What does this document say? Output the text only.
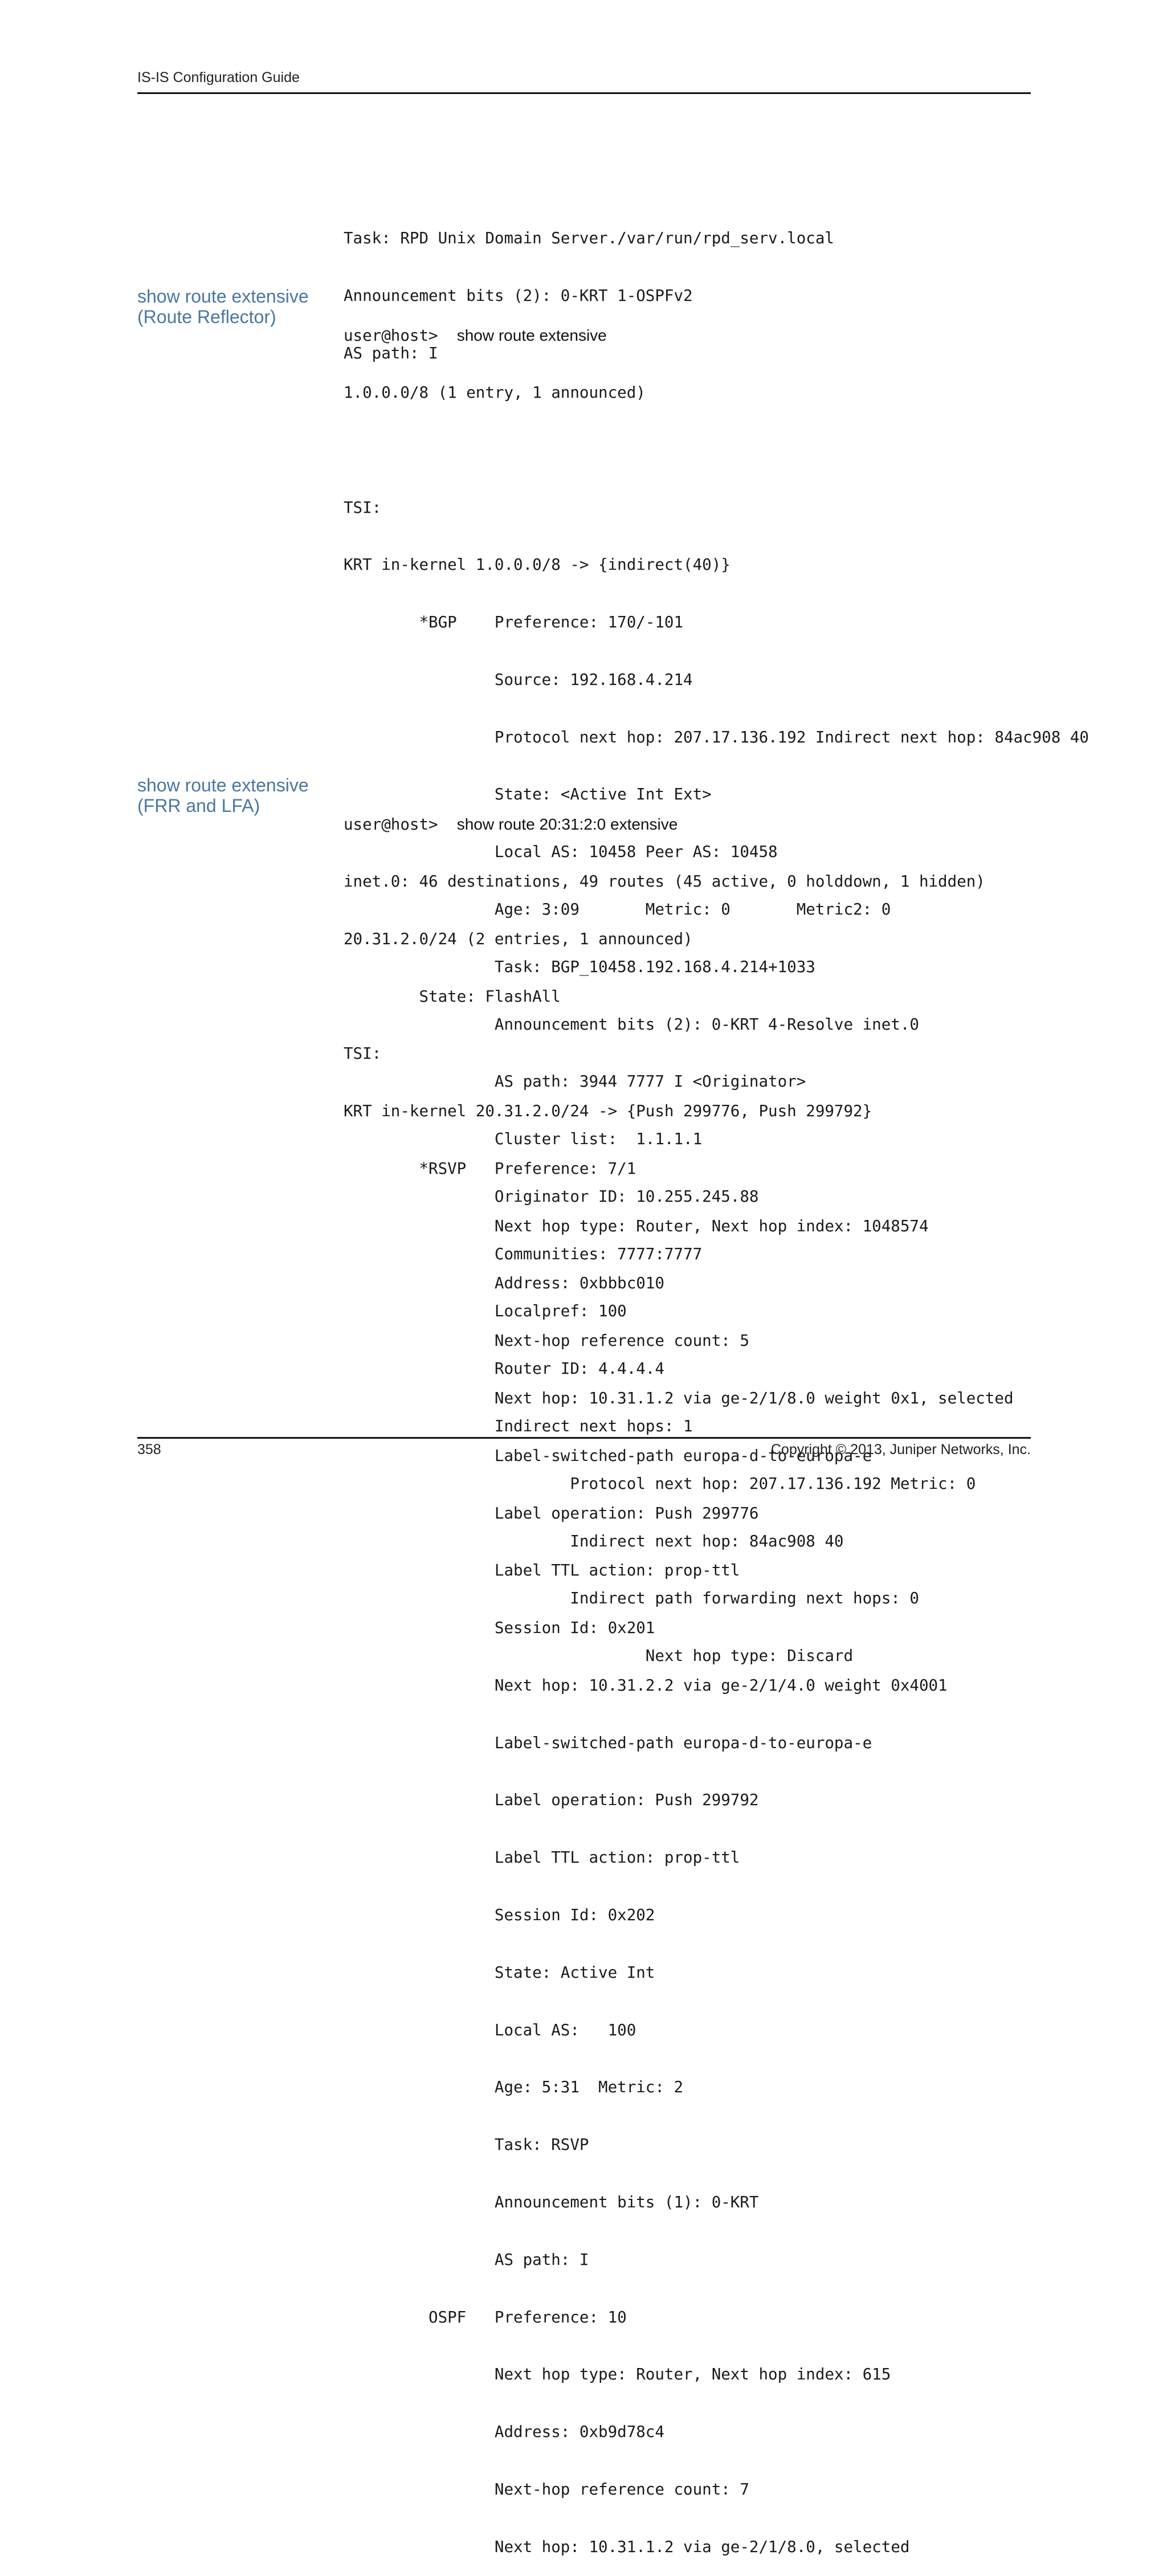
IS-IS Configuration Guide

Task: RPD Unix Domain Server./var/run/rpd_serv.local

Announcement bits (2): 0-KRT 1-OSPFv2

AS path: I

show route extensive
(Route Reflector)

user@host> show route extensive

1.0.0.0/8 (1 entry, 1 announced)

TSI:

KRT in-kernel 1.0.0.0/8 -> {indirect(40)}

*BGP    Preference: 170/-101

Source: 192.168.4.214

Protocol next hop: 207.17.136.192 Indirect next hop: 84ac908 40

State: <Active Int Ext>

Local AS: 10458 Peer AS: 10458

Age: 3:09       Metric: 0       Metric2: 0

Task: BGP_10458.192.168.4.214+1033

Announcement bits (2): 0-KRT 4-Resolve inet.0

AS path: 3944 7777 I <Originator>

Cluster list:  1.1.1.1

Originator ID: 10.255.245.88

Communities: 7777:7777

Localpref: 100

Router ID: 4.4.4.4

Indirect next hops: 1

Protocol next hop: 207.17.136.192 Metric: 0

Indirect next hop: 84ac908 40

Indirect path forwarding next hops: 0

Next hop type: Discard

show route extensive
(FRR and LFA)

user@host> show route 20:31:2:0 extensive

inet.0: 46 destinations, 49 routes (45 active, 0 holddown, 1 hidden)

20.31.2.0/24 (2 entries, 1 announced)

State: FlashAll

TSI:

KRT in-kernel 20.31.2.0/24 -> {Push 299776, Push 299792}

*RSVP   Preference: 7/1

Next hop type: Router, Next hop index: 1048574

Address: 0xbbbc010

Next-hop reference count: 5

Next hop: 10.31.1.2 via ge-2/1/8.0 weight 0x1, selected

Label-switched-path europa-d-to-europa-e

Label operation: Push 299776

Label TTL action: prop-ttl

Session Id: 0x201

Next hop: 10.31.2.2 via ge-2/1/4.0 weight 0x4001

Label-switched-path europa-d-to-europa-e

Label operation: Push 299792

Label TTL action: prop-ttl

Session Id: 0x202

State: Active Int

Local AS:   100

Age: 5:31  Metric: 2

Task: RSVP

Announcement bits (1): 0-KRT

AS path: I

OSPF   Preference: 10

Next hop type: Router, Next hop index: 615

Address: 0xb9d78c4

Next-hop reference count: 7

Next hop: 10.31.1.2 via ge-2/1/8.0, selected

358	Copyright © 2013, Juniper Networks, Inc.
